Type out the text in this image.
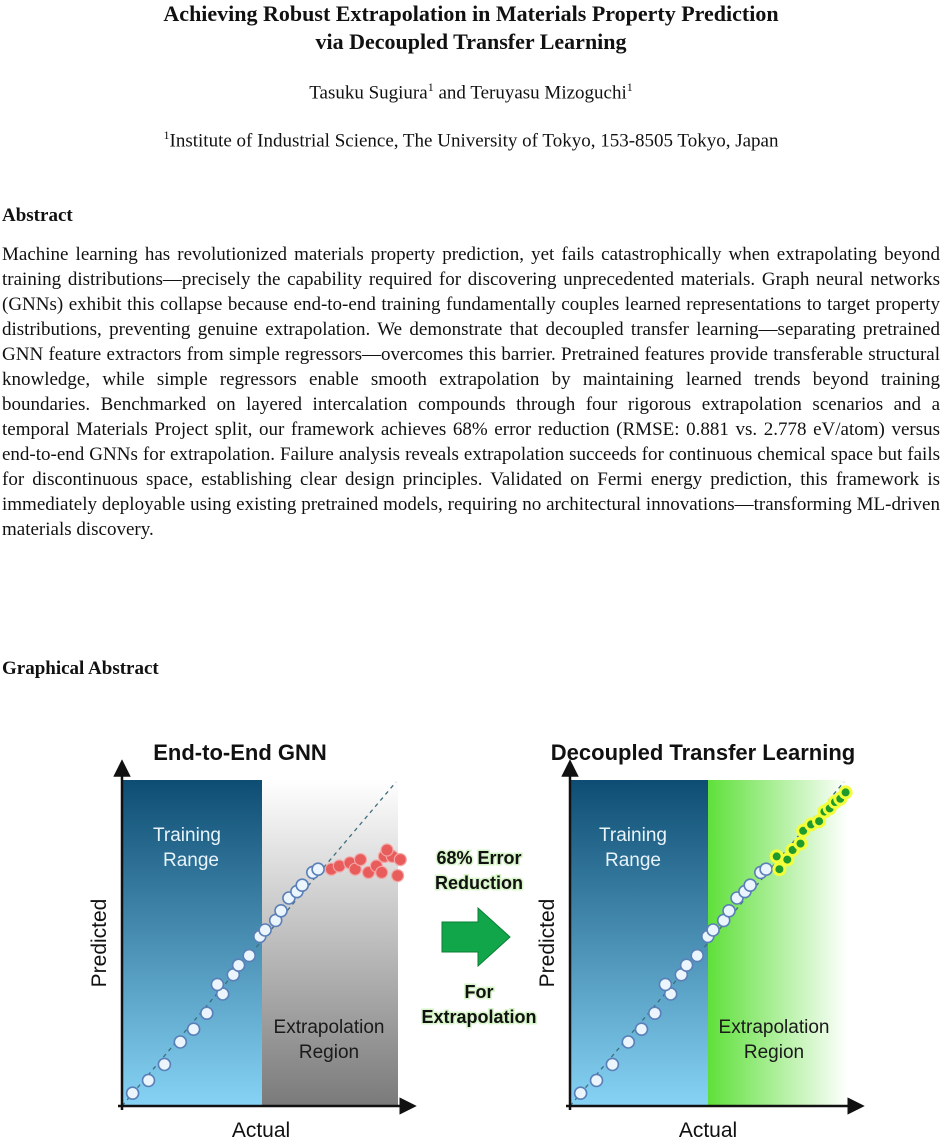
Achieving Robust Extrapolation in Materials Property Prediction
via Decoupled Transfer Learning
Tasuku Sugiura$^1$ and Teruyasu Mizoguchi$^1$
$^1$Institute of Industrial Science, The University of Tokyo, 153-8505 Tokyo, Japan
Abstract

Machine learning has revolutionized materials property prediction, yet fails catastrophically when extrapolating beyond training distributions—precisely the capability required for discovering unprecedented materials. Graph neural networks (GNNs) exhibit this collapse because end-to-end training fundamentally couples learned representations to target property distributions, preventing genuine extrapolation. We demonstrate that decoupled transfer learning—separating pretrained GNN feature extractors from simple regressors—overcomes this barrier. Pretrained features provide transferable structural knowledge, while simple regressors enable smooth extrapolation by maintaining learned trends beyond training boundaries. Benchmarked on layered intercalation compounds through four rigorous extrapolation scenarios and a temporal Materials Project split, our framework achieves 68% error reduction (RMSE: 0.881 vs. 2.778 eV/atom) versus end-to-end GNNs for extrapolation. Failure analysis reveals extrapolation succeeds for continuous chemical space but fails for discontinuous space, establishing clear design principles. Validated on Fermi energy prediction, this framework is immediately deployable using existing pretrained models, requiring no architectural innovations—transforming ML-driven materials discovery.

Graphical Abstract
End-to-End GNN
Training
Range
Extrapolation
Region
Predicted
Actual
68% Error
Reduction
For
Extrapolation
Decoupled Transfer Learning
Training
Range
Extrapolation
Region
Predicted
Actual
